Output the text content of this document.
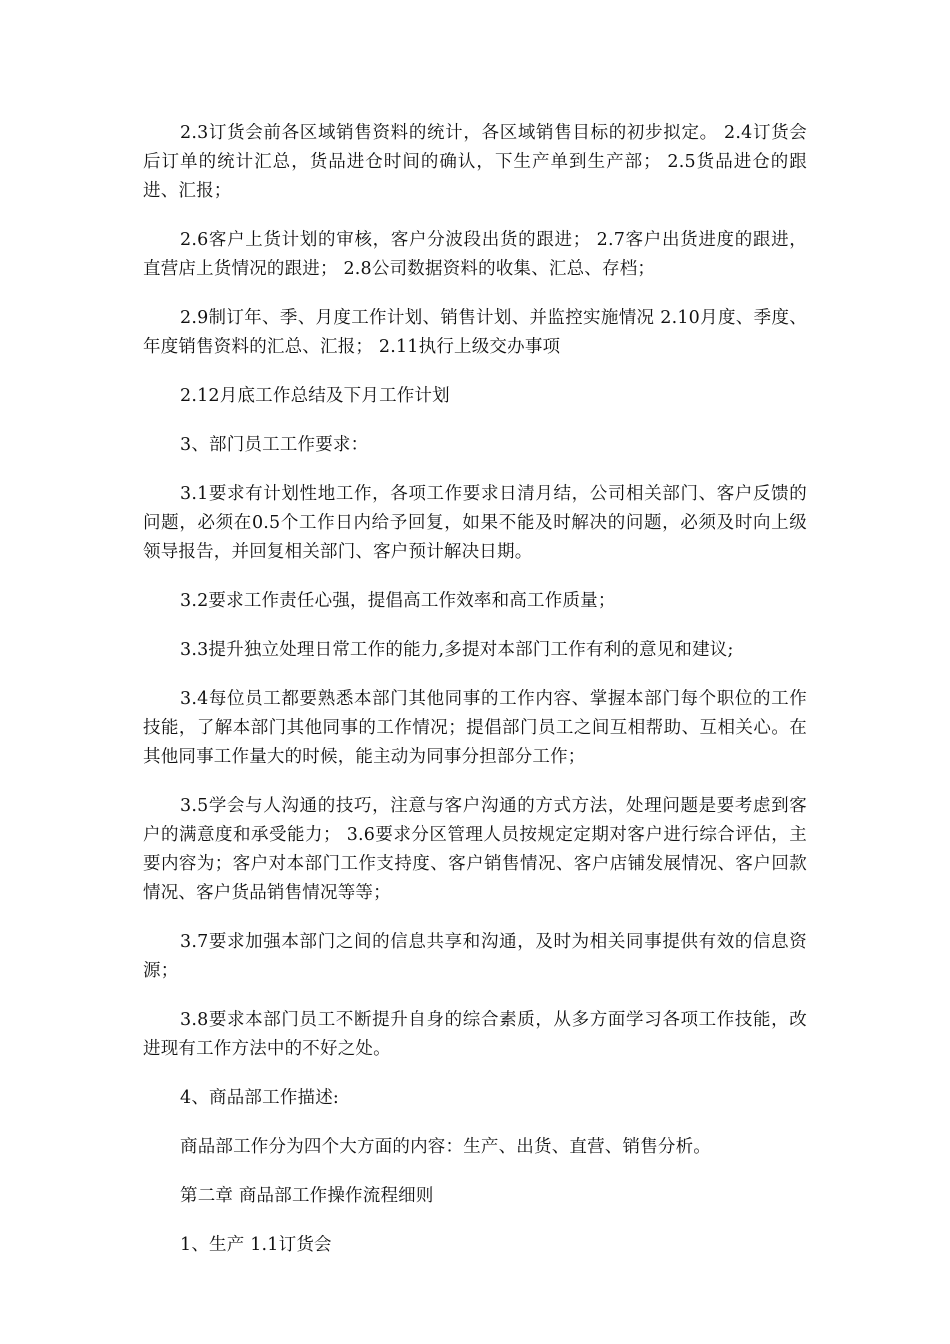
2.3订货会前各区域销售资料的统计，各区域销售目标的初步拟定。 2.4订货会后订单的统计汇总，货品进仓时间的确认，下生产单到生产部； 2.5货品进仓的跟进、汇报；

2.6客户上货计划的审核，客户分波段出货的跟进； 2.7客户出货进度的跟进，直营店上货情况的跟进； 2.8公司数据资料的收集、汇总、存档；

2.9制订年、季、月度工作计划、销售计划、并监控实施情况 2.10月度、季度、年度销售资料的汇总、汇报； 2.11执行上级交办事项

2.12月底工作总结及下月工作计划

3、部门员工工作要求：

3.1要求有计划性地工作，各项工作要求日清月结，公司相关部门、客户反馈的问题，必须在0.5个工作日内给予回复，如果不能及时解决的问题，必须及时向上级领导报告，并回复相关部门、客户预计解决日期。

3.2要求工作责任心强，提倡高工作效率和高工作质量；

3.3提升独立处理日常工作的能力,多提对本部门工作有利的意见和建议;

3.4每位员工都要熟悉本部门其他同事的工作内容、掌握本部门每个职位的工作技能，了解本部门其他同事的工作情况；提倡部门员工之间互相帮助、互相关心。在其他同事工作量大的时候，能主动为同事分担部分工作；

3.5学会与人沟通的技巧，注意与客户沟通的方式方法，处理问题是要考虑到客户的满意度和承受能力； 3.6要求分区管理人员按规定定期对客户进行综合评估，主要内容为；客户对本部门工作支持度、客户销售情况、客户店铺发展情况、客户回款情况、客户货品销售情况等等；

3.7要求加强本部门之间的信息共享和沟通，及时为相关同事提供有效的信息资源；

3.8要求本部门员工不断提升自身的综合素质，从多方面学习各项工作技能，改进现有工作方法中的不好之处。

4、商品部工作描述:

商品部工作分为四个大方面的内容：生产、出货、直营、销售分析。

第二章 商品部工作操作流程细则

1、生产 1.1订货会
